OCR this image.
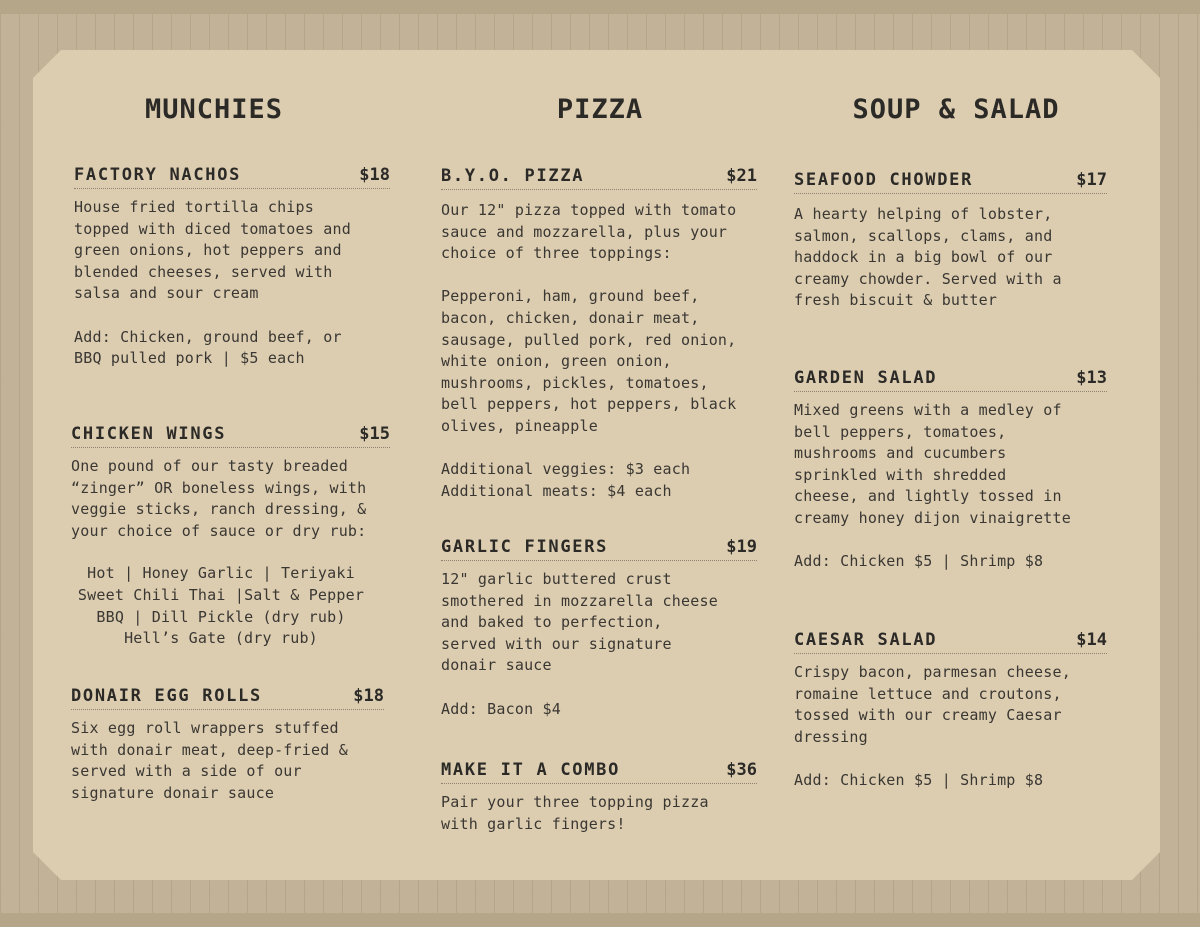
MUNCHIES	PIZZA	SOUP & SALAD
FACTORY NACHOS	$18
House fried tortilla chips
topped with diced tomatoes and
green onions, hot peppers and
blended cheeses, served with
salsa and sour cream

Add: Chicken, ground beef, or
BBQ pulled pork | $5 each
CHICKEN WINGS	$15
One pound of our tasty breaded
“zinger” OR boneless wings, with
veggie sticks, ranch dressing, &
your choice of sauce or dry rub:
Hot | Honey Garlic | Teriyaki
Sweet Chili Thai |Salt & Pepper
BBQ | Dill Pickle (dry rub)
Hell’s Gate (dry rub)
DONAIR EGG ROLLS	$18
Six egg roll wrappers stuffed
with donair meat, deep-fried &
served with a side of our
signature donair sauce
B.Y.O. PIZZA	$21
Our 12" pizza topped with tomato
sauce and mozzarella, plus your
choice of three toppings:

Pepperoni, ham, ground beef,
bacon, chicken, donair meat,
sausage, pulled pork, red onion,
white onion, green onion,
mushrooms, pickles, tomatoes,
bell peppers, hot peppers, black
olives, pineapple

Additional veggies: $3 each
Additional meats: $4 each
GARLIC FINGERS	$19
12" garlic buttered crust
smothered in mozzarella cheese
and baked to perfection,
served with our signature
donair sauce

Add: Bacon $4
MAKE IT A COMBO	$36
Pair your three topping pizza
with garlic fingers!
SEAFOOD CHOWDER	$17
A hearty helping of lobster,
salmon, scallops, clams, and
haddock in a big bowl of our
creamy chowder. Served with a
fresh biscuit & butter
GARDEN SALAD	$13
Mixed greens with a medley of
bell peppers, tomatoes,
mushrooms and cucumbers
sprinkled with shredded
cheese, and lightly tossed in
creamy honey dijon vinaigrette

Add: Chicken $5 | Shrimp $8
CAESAR SALAD	$14
Crispy bacon, parmesan cheese,
romaine lettuce and croutons,
tossed with our creamy Caesar
dressing

Add: Chicken $5 | Shrimp $8
